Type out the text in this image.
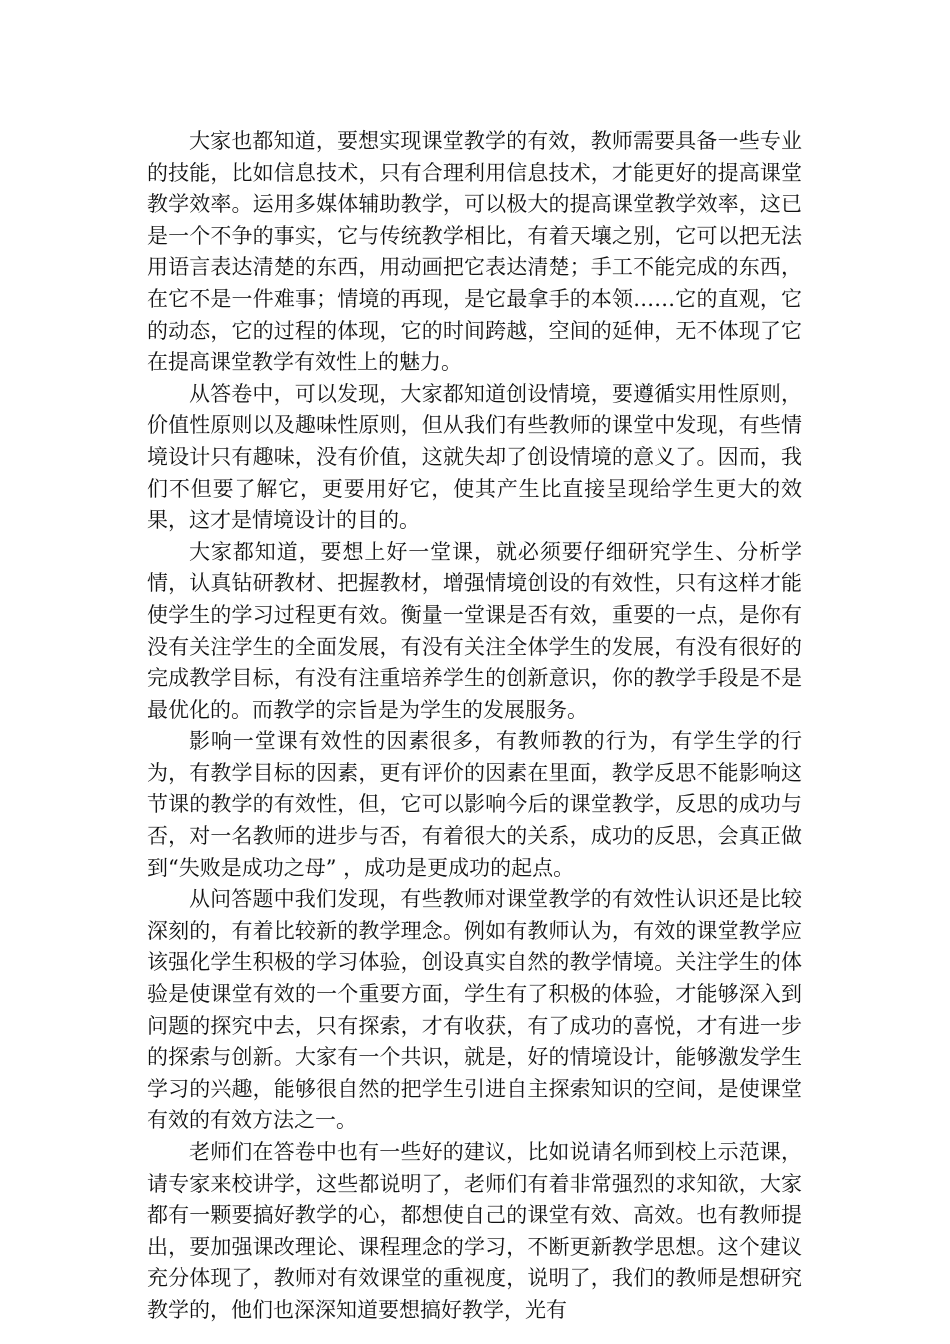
大家也都知道，要想实现课堂教学的有效，教师需要具备一些专业的技能，比如信息技术，只有合理利用信息技术，才能更好的提高课堂教学效率。运用多媒体辅助教学，可以极大的提高课堂教学效率，这已是一个不争的事实，它与传统教学相比，有着天壤之别，它可以把无法用语言表达清楚的东西，用动画把它表达清楚；手工不能完成的东西，在它不是一件难事；情境的再现，是它最拿手的本领……它的直观，它的动态，它的过程的体现，它的时间跨越，空间的延伸，无不体现了它在提高课堂教学有效性上的魅力。

从答卷中，可以发现，大家都知道创设情境，要遵循实用性原则，价值性原则以及趣味性原则，但从我们有些教师的课堂中发现，有些情境设计只有趣味，没有价值，这就失却了创设情境的意义了。因而，我们不但要了解它，更要用好它，使其产生比直接呈现给学生更大的效果，这才是情境设计的目的。

大家都知道，要想上好一堂课，就必须要仔细研究学生、分析学情，认真钻研教材、把握教材，增强情境创设的有效性，只有这样才能使学生的学习过程更有效。衡量一堂课是否有效，重要的一点，是你有没有关注学生的全面发展，有没有关注全体学生的发展，有没有很好的完成教学目标，有没有注重培养学生的创新意识，你的教学手段是不是最优化的。而教学的宗旨是为学生的发展服务。

影响一堂课有效性的因素很多，有教师教的行为，有学生学的行为，有教学目标的因素，更有评价的因素在里面，教学反思不能影响这节课的教学的有效性，但，它可以影响今后的课堂教学，反思的成功与否，对一名教师的进步与否，有着很大的关系，成功的反思，会真正做到“失败是成功之母” ，成功是更成功的起点。

从问答题中我们发现，有些教师对课堂教学的有效性认识还是比较深刻的，有着比较新的教学理念。例如有教师认为，有效的课堂教学应该强化学生积极的学习体验，创设真实自然的教学情境。关注学生的体验是使课堂有效的一个重要方面，学生有了积极的体验，才能够深入到问题的探究中去，只有探索，才有收获，有了成功的喜悦，才有进一步的探索与创新。大家有一个共识，就是，好的情境设计，能够激发学生学习的兴趣，能够很自然的把学生引进自主探索知识的空间，是使课堂有效的有效方法之一。

老师们在答卷中也有一些好的建议，比如说请名师到校上示范课，请专家来校讲学，这些都说明了，老师们有着非常强烈的求知欲，大家都有一颗要搞好教学的心，都想使自己的课堂有效、高效。也有教师提出，要加强课改理论、课程理念的学习，不断更新教学思想。这个建议充分体现了，教师对有效课堂的重视度，说明了，我们的教师是想研究教学的，他们也深深知道要想搞好教学，光有
